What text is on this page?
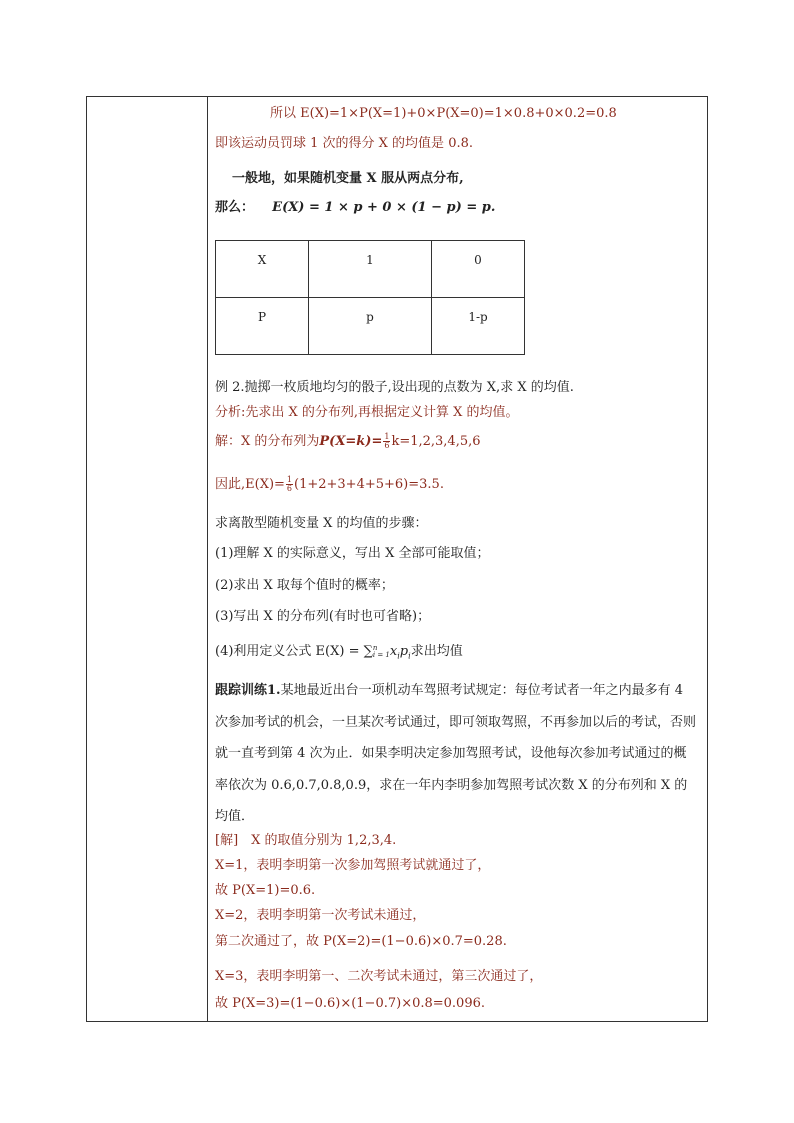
所以 E(X)=1×P(X=1)+0×P(X=0)=1×0.8+0×0.2=0.8
即该运动员罚球 1 次的得分 X 的均值是 0.8.
一般地，如果随机变量 X 服从两点分布,
那么： E(X) = 1 × p + 0 × (1 − p) = p.
X	1	0
P	p	1-p
例 2.抛掷一枚质地均匀的骰子,设出现的点数为 X,求 X 的均值.
分析:先求出 X 的分布列,再根据定义计算 X 的均值。
解：X 的分布列为$P(X=k)= \frac{1}{6} k=1,2,3,4,5,6$
因此$,E(X)= \frac{1}{6} (1+2+3+4+5+6)=3.5$.
求离散型随机变量 X 的均值的步骤：
(1)理解 X 的实际意义，写出 X 全部可能取值；
(2)求出 X 取每个值时的概率；
(3)写出 X 的分布列(有时也可省略)；
(4)利用定义公式 E(X) = ∑ n
i = 1 $x_ip_i$求出均值
跟踪训练1.某地最近出台一项机动车驾照考试规定：每位考试者一年之内最多有 4 次参加考试的机会，一旦某次考试通过，即可领取驾照，不再参加以后的考试，否则就一直考到第 4 次为止．如果李明决定参加驾照考试，设他每次参加考试通过的概率依次为 0.6,0.7,0.8,0.9，求在一年内李明参加驾照考试次数 X 的分布列和 X 的均值．
[解]　X 的取值分别为 1,2,3,4.
X=1，表明李明第一次参加驾照考试就通过了，
故 P(X=1)=0.6.
X=2，表明李明第一次考试未通过，
第二次通过了，故 P(X=2)=(1−0.6)×0.7=0.28.
X=3，表明李明第一、二次考试未通过，第三次通过了，
故 P(X=3)=(1−0.6)×(1−0.7)×0.8=0.096.
